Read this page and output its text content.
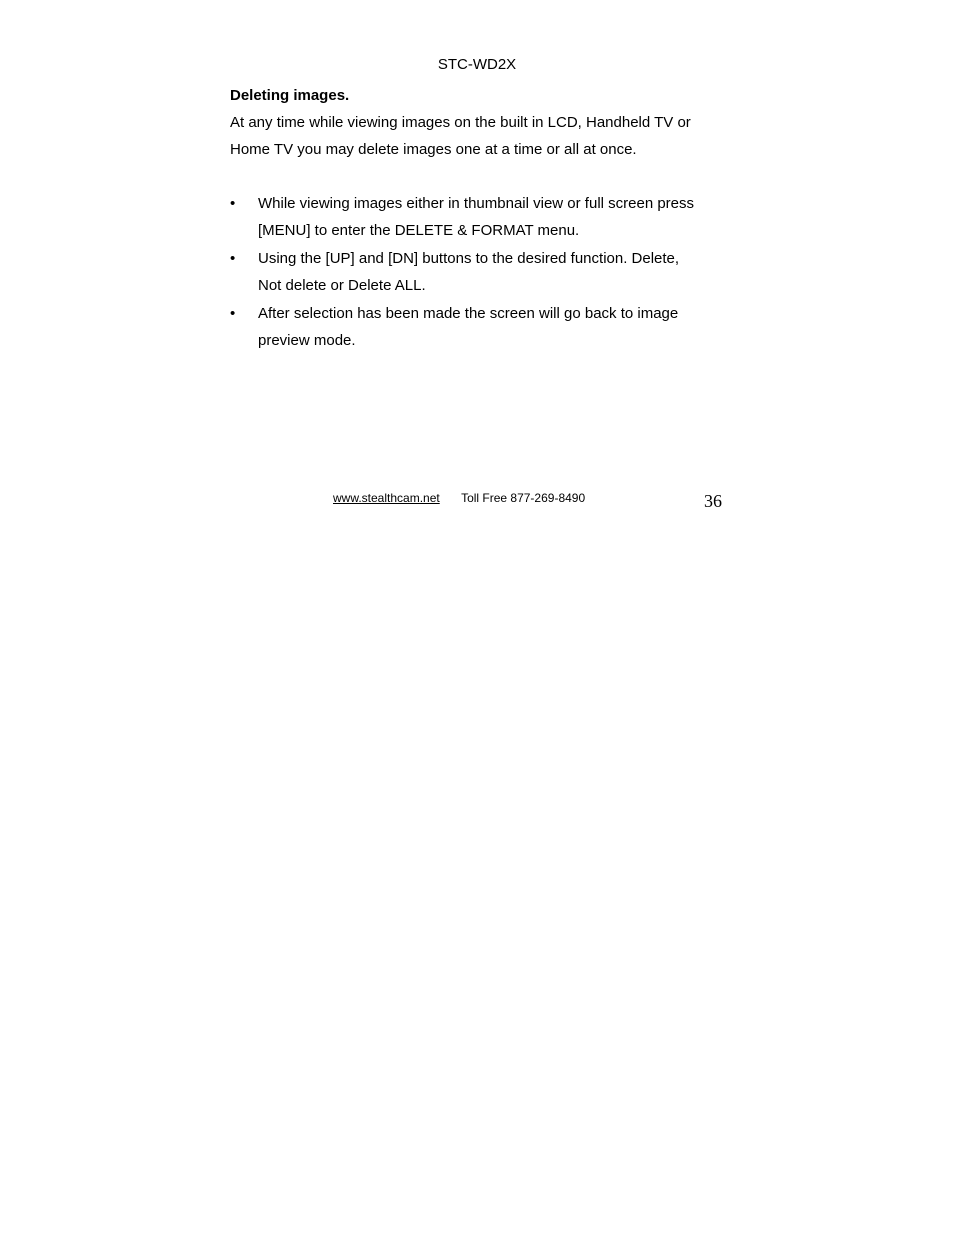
STC-WD2X

Deleting images.

At any time while viewing images on the built in LCD, Handheld TV or
Home TV you may delete images one at a time or all at once.

•	While viewing images either in thumbnail view or full screen press
[MENU] to enter the DELETE & FORMAT menu.
•	Using the [UP] and [DN] buttons to the desired function. Delete,
Not delete or Delete ALL.
•	After selection has been made the screen will go back to image
preview mode.
www.stealthcam.net Toll Free 877-269-8490	36
